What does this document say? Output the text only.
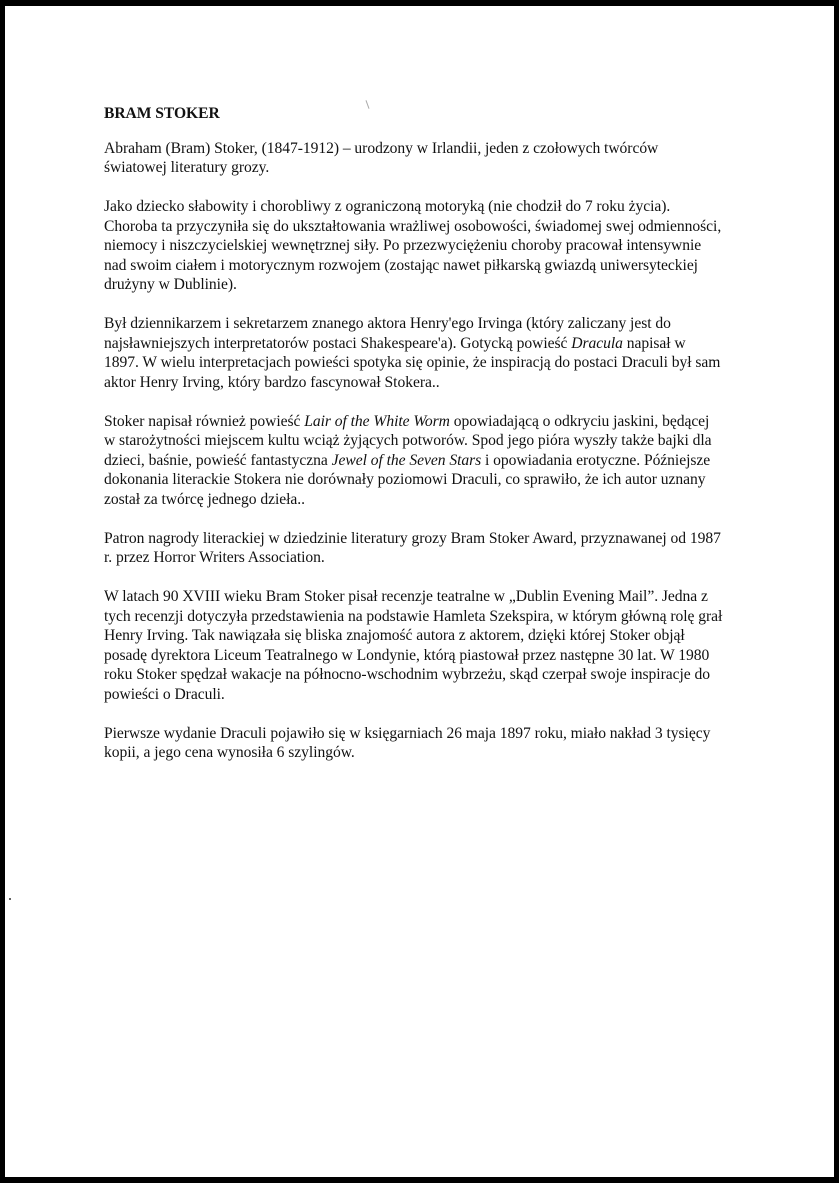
BRAM STOKER

Abraham (Bram) Stoker, (1847-1912) – urodzony w Irlandii, jeden z czołowych twórców
światowej literatury grozy.

Jako dziecko słabowity i chorobliwy z ograniczoną motoryką (nie chodził do 7 roku życia).
Choroba ta przyczyniła się do ukształtowania wrażliwej osobowości, świadomej swej odmienności,
niemocy i niszczycielskiej wewnętrznej siły. Po przezwyciężeniu choroby pracował intensywnie
nad swoim ciałem i motorycznym rozwojem (zostając nawet piłkarską gwiazdą uniwersyteckiej
drużyny w Dublinie).

Był dziennikarzem i sekretarzem znanego aktora Henry'ego Irvinga (który zaliczany jest do
najsławniejszych interpretatorów postaci Shakespeare'a). Gotycką powieść Dracula napisał w
1897. W wielu interpretacjach powieści spotyka się opinie, że inspiracją do postaci Draculi był sam
aktor Henry Irving, który bardzo fascynował Stokera..

Stoker napisał również powieść Lair of the White Worm opowiadającą o odkryciu jaskini, będącej
w starożytności miejscem kultu wciąż żyjących potworów. Spod jego pióra wyszły także bajki dla
dzieci, baśnie, powieść fantastyczna Jewel of the Seven Stars i opowiadania erotyczne. Późniejsze
dokonania literackie Stokera nie dorównały poziomowi Draculi, co sprawiło, że ich autor uznany
został za twórcę jednego dzieła..

Patron nagrody literackiej w dziedzinie literatury grozy Bram Stoker Award, przyznawanej od 1987
r. przez Horror Writers Association.

W latach 90 XVIII wieku Bram Stoker pisał recenzje teatralne w „Dublin Evening Mail”. Jedna z
tych recenzji dotyczyła przedstawienia na podstawie Hamleta Szekspira, w którym główną rolę grał
Henry Irving. Tak nawiązała się bliska znajomość autora z aktorem, dzięki której Stoker objął
posadę dyrektora Liceum Teatralnego w Londynie, którą piastował przez następne 30 lat. W 1980
roku Stoker spędzał wakacje na północno-wschodnim wybrzeżu, skąd czerpał swoje inspiracje do
powieści o Draculi.

Pierwsze wydanie Draculi pojawiło się w księgarniach 26 maja 1897 roku, miało nakład 3 tysięcy
kopii, a jego cena wynosiła 6 szylingów.
